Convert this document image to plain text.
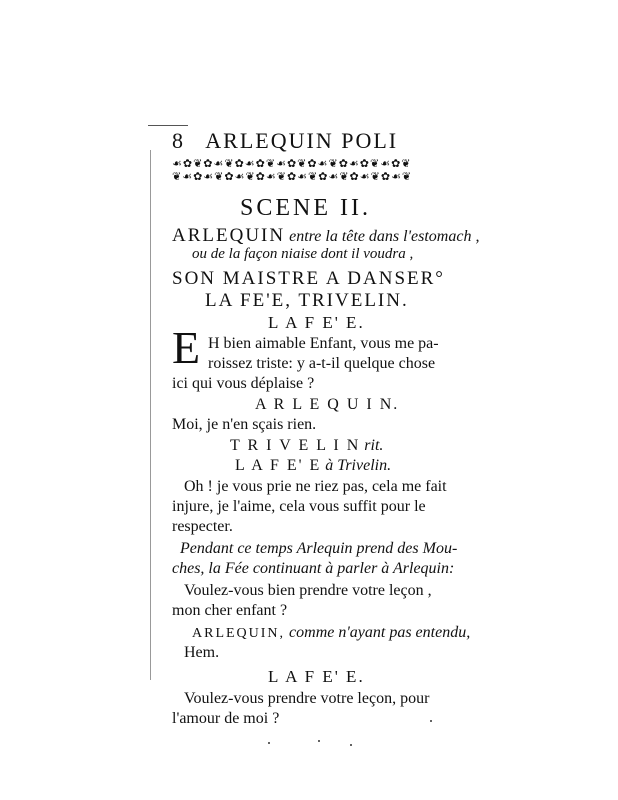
8 ARLEQUIN POLI
☙✿❦✿☙❦✿☙✿❦☙✿❦✿☙❦✿☙✿❦☙✿❦
❦☙✿☙❦✿☙❦✿☙❦✿☙❦✿☙❦✿☙❦✿☙❦
SCENE II.
ARLEQUIN entre la tête dans l'estomach ,
ou de la façon niaise dont il voudra ,
SON MAISTRE A DANSER°
LA FE'E, TRIVELIN.
L A F E' E.
E H bien aimable Enfant, vous me pa-
roissez triste: y a-t-il quelque chose
ici qui vous déplaise ?
A R L E Q U I N.
Moi, je n'en sçais rien.
T R I V E L I N rit.
L A F E' E à Trivelin.
Oh ! je vous prie ne riez pas, cela me fait
injure, je l'aime, cela vous suffit pour le
respecter.
Pendant ce temps Arlequin prend des Mou-
ches, la Fée continuant à parler à Arlequin:
Voulez-vous bien prendre votre leçon ,
mon cher enfant ?
ARLEQUIN, comme n'ayant pas entendu,
Hem.
L A F E' E.
Voulez-vous prendre votre leçon, pour
l'amour de moi ?
